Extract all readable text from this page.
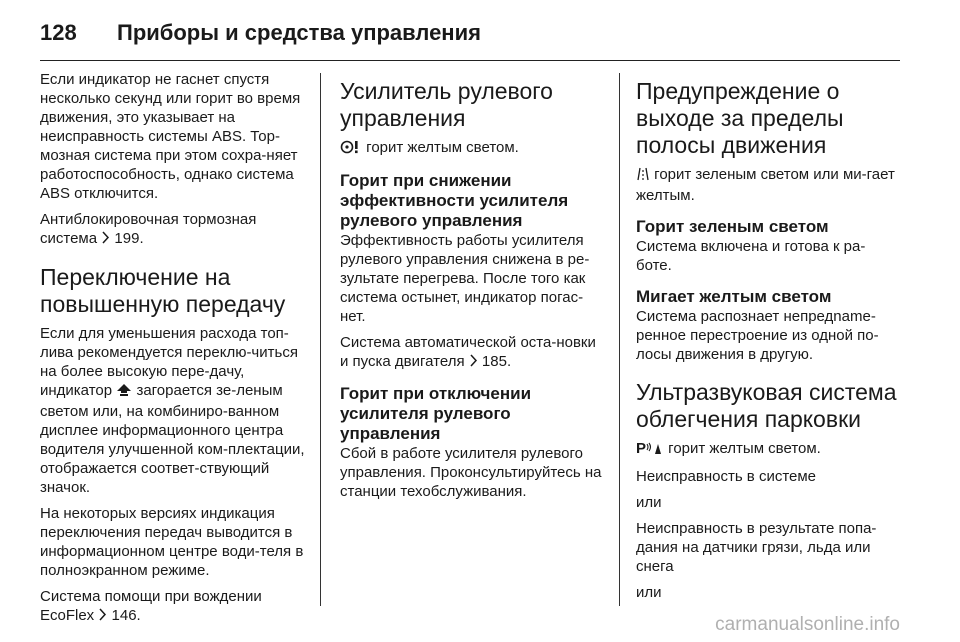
128	Приборы и средства управления

Если индикатор не гаснет спустя несколько секунд или горит во время движения, это указывает на неисправность системы ABS. Тор-мозная система при этом сохра-няет работоспособность, однако система ABS отключится.

Антиблокировочная тормозная система 199.

Переключение на повышенную передачу

Если для уменьшения расхода топ-лива рекомендуется переклю-читься на более высокую пере-дачу, индикатор загорается зе-леным светом или, на комбиниро-ванном дисплее информационного центра водителя улучшенной ком-плектации, отображается соответ-ствующий значок.

На некоторых версиях индикация переключения передач выводится в информационном центре води-теля в полноэкранном режиме.

Система помощи при вождении EcoFlex 146.

Усилитель рулевого управления

горит желтым светом.

Горит при снижении эффективности усилителя рулевого управления

Эффективность работы усилителя рулевого управления снижена в ре-зультате перегрева. После того как система остынет, индикатор погас-нет.

Система автоматической оста-новки и пуска двигателя 185.

Горит при отключении усилителя рулевого управления

Сбой в работе усилителя рулевого управления. Проконсультируйтесь на станции техобслуживания.

Предупреждение о выходе за пределы полосы движения

горит зеленым светом или ми-гает желтым.

Горит зеленым светом

Система включена и готова к ра-боте.

Мигает желтым светом

Система распознает непредname-ренное перестроение из одной по-лосы движения в другую.

Ультразвуковая система облегчения парковки

P горит желтым светом.

Неисправность в системе

или

Неисправность в результате попа-дания на датчики грязи, льда или снега

или

carmanualsonline.info
